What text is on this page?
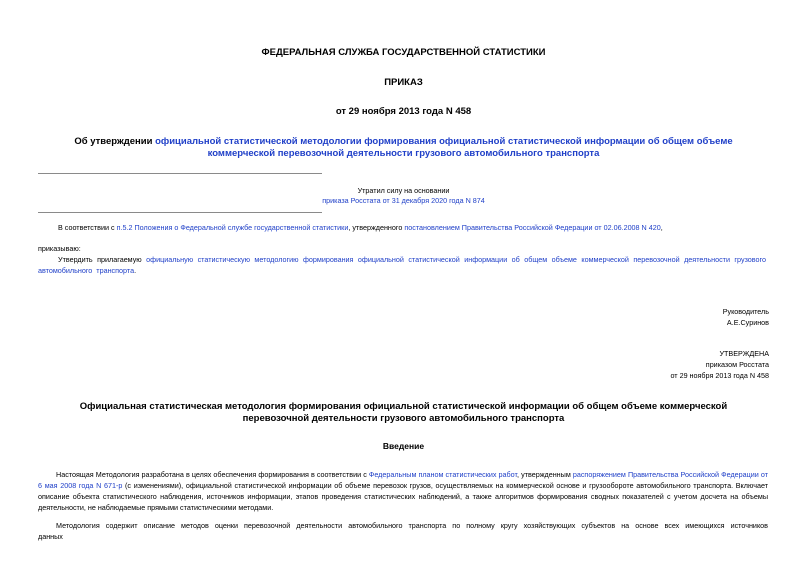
ФЕДЕРАЛЬНАЯ СЛУЖБА ГОСУДАРСТВЕННОЙ СТАТИСТИКИ
ПРИКАЗ
от 29 ноября 2013 года N 458
Об утверждении официальной статистической методологии формирования официальной статистической информации об общем объеме коммерческой перевозочной деятельности грузового автомобильного транспорта
Утратил силу на основании
приказа Росстата от 31 декабря 2020 года N 874
В соответствии с п.5.2 Положения о Федеральной службе государственной статистики, утвержденного постановлением Правительства Российской Федерации от 02.06.2008 N 420,
приказываю:
Утвердить прилагаемую официальную статистическую методологию формирования официальной статистической информации об общем объеме коммерческой перевозочной деятельности грузового автомобильного транспорта.
Руководитель
А.Е.Суринов
УТВЕРЖДЕНА
приказом Росстата
от 29 ноября 2013 года N 458
Официальная статистическая методология формирования официальной статистической информации об общем объеме коммерческой перевозочной деятельности грузового автомобильного транспорта
Введение
Настоящая Методология разработана в целях обеспечения формирования в соответствии с Федеральным планом статистических работ, утвержденным распоряжением Правительства Российской Федерации от 6 мая 2008 года N 671-р (с изменениями), официальной статистической информации об объеме перевозок грузов, осуществляемых на коммерческой основе и грузообороте автомобильного транспорта. Включает описание объекта статистического наблюдения, источников информации, этапов проведения статистических наблюдений, а также алгоритмов формирования сводных показателей с учетом досчета на объемы деятельности, не наблюдаемые прямыми статистическими методами.
Методология содержит описание методов оценки перевозочной деятельности автомобильного транспорта по полному кругу хозяйствующих субъектов на основе всех имеющихся источников данных
